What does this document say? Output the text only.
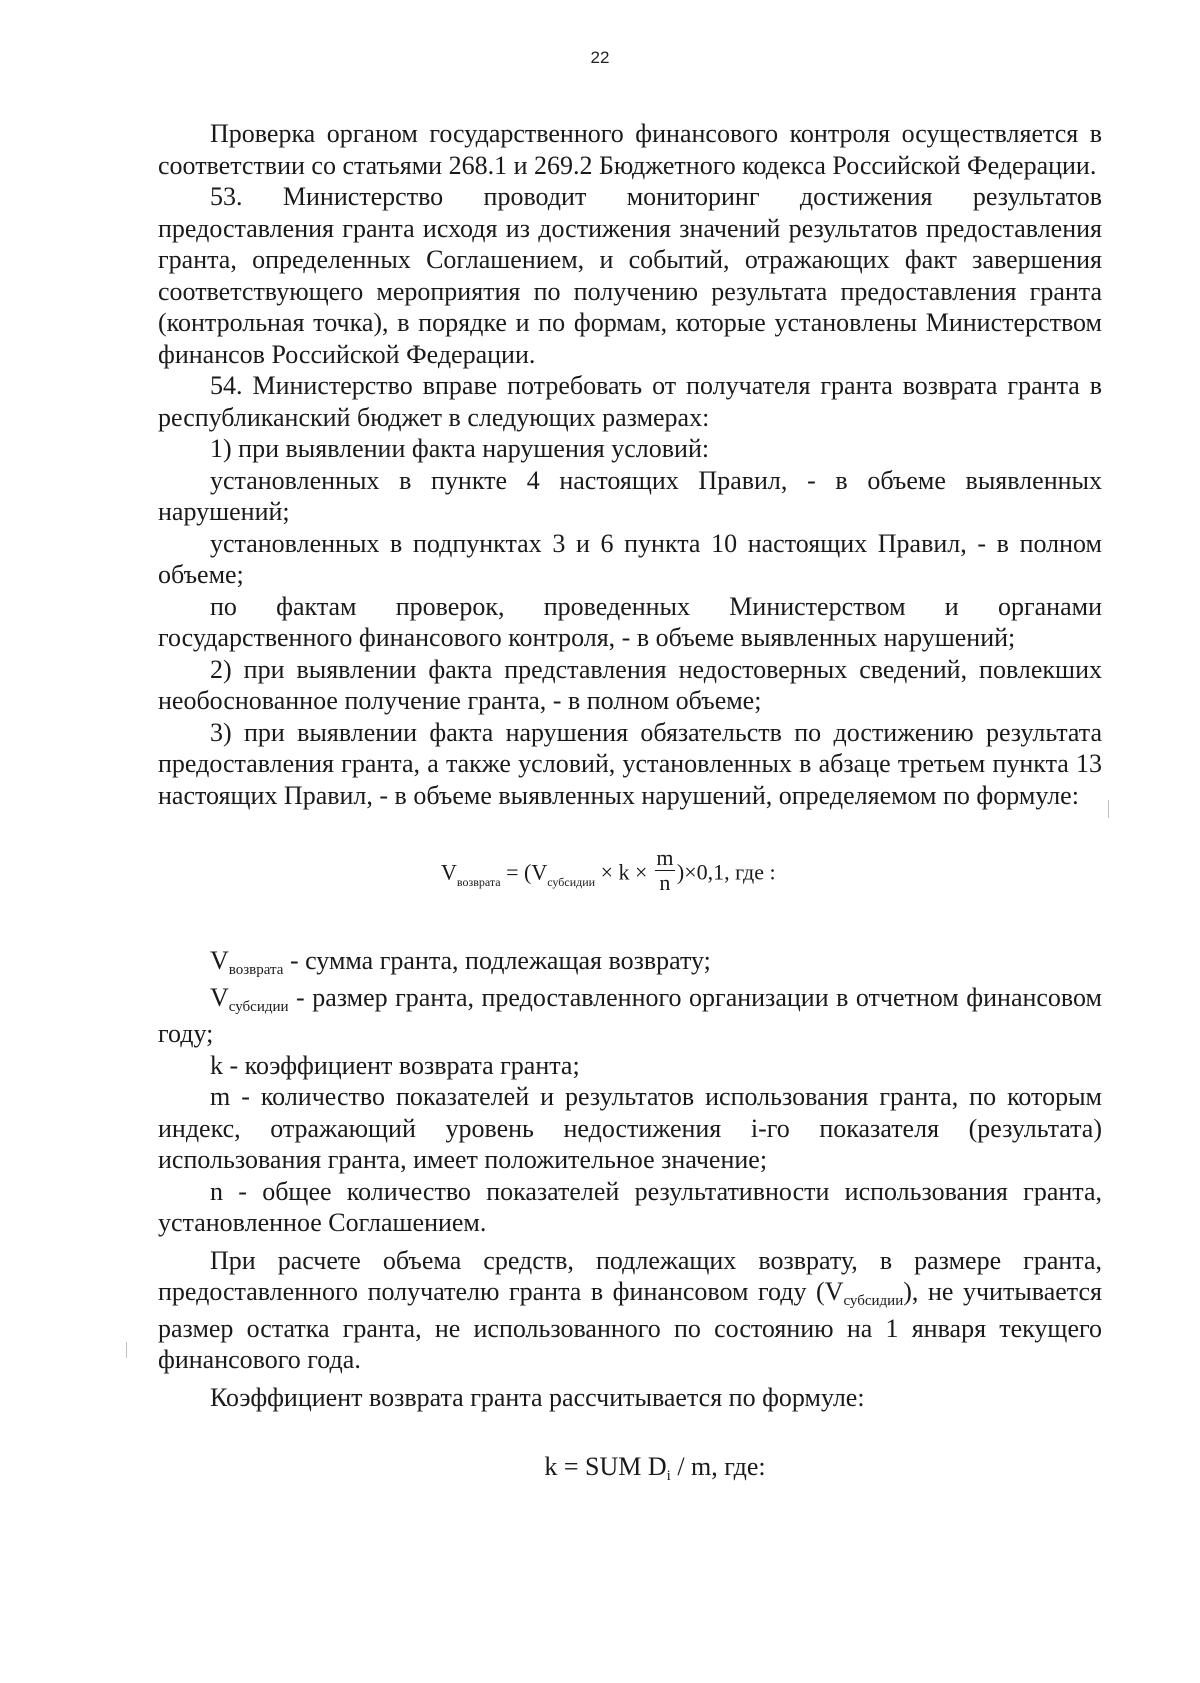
22

Проверка органом государственного финансового контроля осуществляется в соответствии со статьями 268.1 и 269.2 Бюджетного кодекса Российской Федерации.

53. Министерство проводит мониторинг достижения результатов предоставления гранта исходя из достижения значений результатов предоставления гранта, определенных Соглашением, и событий, отражающих факт завершения соответствующего мероприятия по получению результата предоставления гранта (контрольная точка), в порядке и по формам, которые установлены Министерством финансов Российской Федерации.

54. Министерство вправе потребовать от получателя гранта возврата гранта в республиканский бюджет в следующих размерах:

1) при выявлении факта нарушения условий:

установленных в пункте 4 настоящих Правил, - в объеме выявленных нарушений;

установленных в подпунктах 3 и 6 пункта 10 настоящих Правил, - в полном объеме;

по фактам проверок, проведенных Министерством и органами государственного финансового контроля, - в объеме выявленных нарушений;

2) при выявлении факта представления недостоверных сведений, повлекших необоснованное получение гранта, - в полном объеме;

3) при выявлении факта нарушения обязательств по достижению результата предоставления гранта, а также условий, установленных в абзаце третьем пункта 13 настоящих Правил, - в объеме выявленных нарушений, определяемом по формуле:

$V_{возврата} = (V_{субсидии} \times k \times \frac{m}{n} )\times 0,1$, где :

Vвозврата - сумма гранта, подлежащая возврату;

Vсубсидии - размер гранта, предоставленного организации в отчетном финансовом году;

k - коэффициент возврата гранта;

m - количество показателей и результатов использования гранта, по которым индекс, отражающий уровень недостижения i-го показателя (результата) использования гранта, имеет положительное значение;

n - общее количество показателей результативности использования гранта, установленное Соглашением.

При расчете объема средств, подлежащих возврату, в размере гранта, предоставленного получателю гранта в финансовом году (Vсубсидии), не учитывается размер остатка гранта, не использованного по состоянию на 1 января текущего финансового года.

Коэффициент возврата гранта рассчитывается по формуле:

k = SUM Di / m, где:
